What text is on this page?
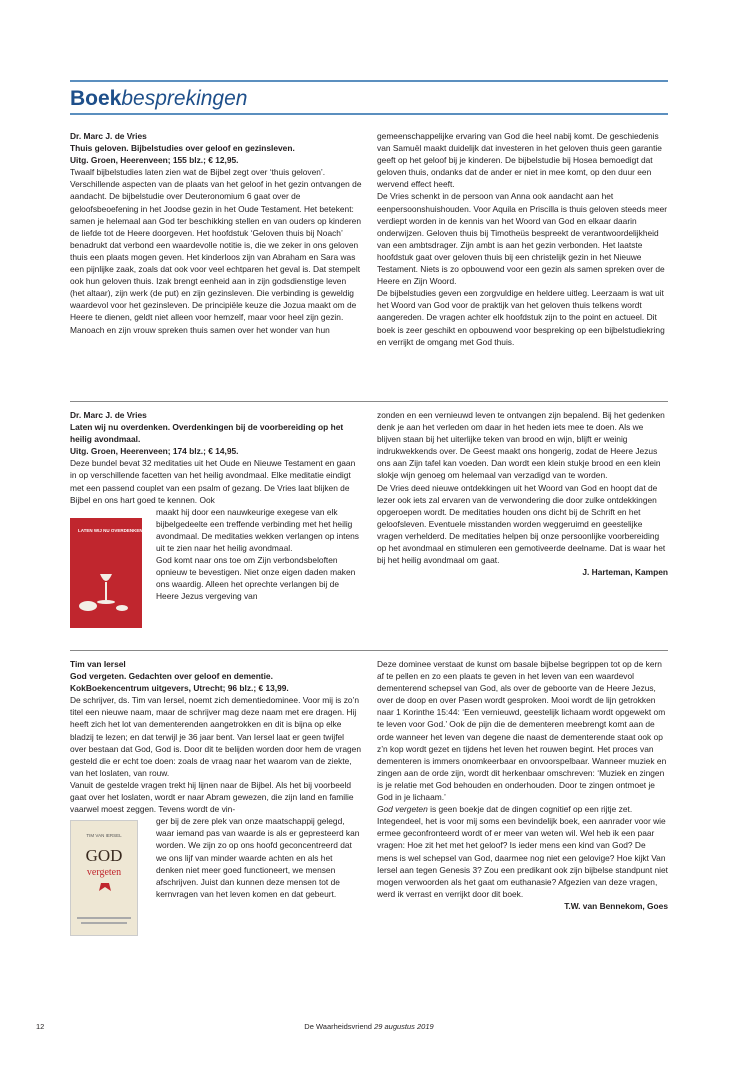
Boekbesprekingen

Dr. Marc J. de Vries

Thuis geloven. Bijbelstudies over geloof en gezinsleven.

Uitg. Groen, Heerenveen; 155 blz.; € 12,95.

Twaalf bijbelstudies laten zien wat de Bijbel zegt over ‘thuis geloven’. Verschillende aspecten van de plaats van het geloof in het gezin ontvangen de aandacht. De bijbelstudie over Deuteronomium 6 gaat over de geloofsbeoefening in het Joodse gezin in het Oude Testament. Het betekent: samen je helemaal aan God ter beschikking stellen en van ouders op kinderen de liefde tot de Heere doorgeven. Het hoofdstuk ‘Geloven thuis bij Noach’ benadrukt dat verbond een waardevolle notitie is, die we zeker in ons geloven thuis een plaats mogen geven. Het kinderloos zijn van Abraham en Sara was een pijnlijke zaak, zoals dat ook voor veel echtparen het geval is. Dat stempelt ook hun geloven thuis. Izak brengt eenheid aan in zijn godsdienstige leven (het altaar), zijn werk (de put) en zijn gezinsleven. Die verbinding is geweldig waardevol voor het gezinsleven. De principiële keuze die Jozua maakt om de Heere te dienen, geldt niet alleen voor hemzelf, maar voor heel zijn gezin. Manoach en zijn vrouw spreken thuis samen over het wonder van hun

gemeenschappelijke ervaring van God die heel nabij komt. De geschiedenis van Samuël maakt duidelijk dat investeren in het geloven thuis geen garantie geeft op het geloof bij je kinderen. De bijbelstudie bij Hosea bemoedigt dat geloven thuis, ondanks dat de ander er niet in mee komt, op den duur een wervend effect heeft.

De Vries schenkt in de persoon van Anna ook aandacht aan het eenpersoonshuishouden. Voor Aquila en Priscilla is thuis geloven steeds meer verdiept worden in de kennis van het Woord van God en elkaar daarin onderwijzen. Geloven thuis bij Timotheüs bespreekt de verantwoordelijkheid van een ambtsdrager. Zijn ambt is aan het gezin verbonden. Het laatste hoofdstuk gaat over geloven thuis bij een christelijk gezin in het Nieuwe Testament. Niets is zo opbouwend voor een gezin als samen spreken over de Heere en Zijn Woord.

De bijbelstudies geven een zorgvuldige en heldere uitleg. Leerzaam is wat uit het Woord van God voor de praktijk van het geloven thuis telkens wordt aangereden. De vragen achter elk hoofdstuk zijn to the point en actueel. Dit boek is zeer geschikt en opbouwend voor bespreking op een bijbelstudiekring en verrijkt de omgang met God thuis.

Dr. Marc J. de Vries

Laten wij nu overdenken. Overdenkingen bij de voorbereiding op het heilig avondmaal.

Uitg. Groen, Heerenveen; 174 blz.; € 14,95.

Deze bundel bevat 32 meditaties uit het Oude en Nieuwe Testament en gaan in op verschillende facetten van het heilig avondmaal. Elke meditatie eindigt met een passend couplet van een psalm of gezang. De Vries laat blijken de Bijbel en ons hart goed te kennen. Ook

LATEN WIJ NU OVERDENKEN

maakt hij door een nauwkeurige exegese van elk bijbelgedeelte een treffende verbinding met het heilig avondmaal. De meditaties wekken verlangen op intens uit te zien naar het heilig avondmaal.

God komt naar ons toe om Zijn verbondsbeloften opnieuw te bevestigen. Niet onze eigen daden maken ons waardig. Alleen het oprechte verlangen bij de Heere Jezus vergeving van

zonden en een vernieuwd leven te ontvangen zijn bepalend. Bij het gedenken denk je aan het verleden om daar in het heden iets mee te doen. Als we blijven staan bij het uiterlijke teken van brood en wijn, blijft er weinig indrukwekkends over. De Geest maakt ons hongerig, zodat de Heere Jezus ons aan Zijn tafel kan voeden. Dan wordt een klein stukje brood en een klein slokje wijn genoeg om helemaal van verzadigd van te worden.

De Vries deed nieuwe ontdekkingen uit het Woord van God en hoopt dat de lezer ook iets zal ervaren van de verwondering die door zulke ontdekkingen opgeroepen wordt. De meditaties houden ons dicht bij de Schrift en het geloofsleven. Eventuele misstanden worden weggeruimd en geestelijke vragen verhelderd. De meditaties helpen bij onze persoonlijke voorbereiding op het avondmaal en stimuleren een gemotiveerde deelname. Dat is waar het bij het heilig avondmaal om gaat.

J. Harteman, Kampen

Tim van Iersel

God vergeten. Gedachten over geloof en dementie.

KokBoekencentrum uitgevers, Utrecht; 96 blz.; € 13,99.

De schrijver, ds. Tim van Iersel, noemt zich dementiedominee. Voor mij is zo’n titel een nieuwe naam, maar de schrijver mag deze naam met ere dragen. Hij heeft zich het lot van dementerenden aangetrokken en dit is bijna op elke bladzij te lezen; en dat terwijl je 36 jaar bent. Van Iersel laat er geen twijfel over bestaan dat God, God is. Door dit te belijden worden door hem de vragen gesteld die er echt toe doen: zoals de vraag naar het waarom van de ziekte, van het loslaten, van rouw.

Vanuit de gestelde vragen trekt hij lijnen naar de Bijbel. Als het bij voorbeeld gaat over het loslaten, wordt er naar Abram gewezen, die zijn land en familie vaarwel moest zeggen. Tevens wordt de vin-

TIM VAN IERSEL
GOD
vergeten

ger bij de zere plek van onze maatschappij gelegd, waar iemand pas van waarde is als er gepresteerd kan worden. We zijn zo op ons hoofd geconcentreerd dat we ons lijf van minder waarde achten en als het denken niet meer goed functioneert, we mensen afschrijven. Juist dan kunnen deze mensen tot de kernvragen van het leven komen en dat gebeurt.

Deze dominee verstaat de kunst om basale bijbelse begrippen tot op de kern af te pellen en zo een plaats te geven in het leven van een waardevol dementerend schepsel van God, als over de geboorte van de Heere Jezus, over de doop en over Pasen wordt gesproken. Mooi wordt de lijn getrokken naar 1 Korinthe 15:44: ‘Een vernieuwd, geestelijk lichaam wordt opgewekt om te leven voor God.’ Ook de pijn die de dementeren meebrengt komt aan de orde wanneer het leven van degene die naast de dementerende staat ook op z’n kop wordt gezet en tijdens het leven het rouwen begint. Het proces van dementeren is immers onomkeerbaar en onvoorspelbaar. Wanneer muziek en zingen aan de orde zijn, wordt dit herkenbaar omschreven: ‘Muziek en zingen is je relatie met God behouden en onderhouden. Door te zingen ontmoet je God in je lichaam.’

God vergeten is geen boekje dat de dingen cognitief op een rijtje zet. Integendeel, het is voor mij soms een bevindelijk boek, een aanrader voor wie ermee geconfronteerd wordt of er meer van weten wil. Wel heb ik een paar vragen: Hoe zit het met het geloof? Is ieder mens een kind van God? De mens is wel schepsel van God, daarmee nog niet een gelovige? Hoe kijkt Van Iersel aan tegen Genesis 3? Zou een predikant ook zijn bijbelse standpunt niet mogen verwoorden als het gaat om euthanasie? Afgezien van deze vragen, werd ik verrast en verrijkt door dit boek.

T.W. van Bennekom, Goes

12	De Waarheidsvriend 29 augustus 2019
